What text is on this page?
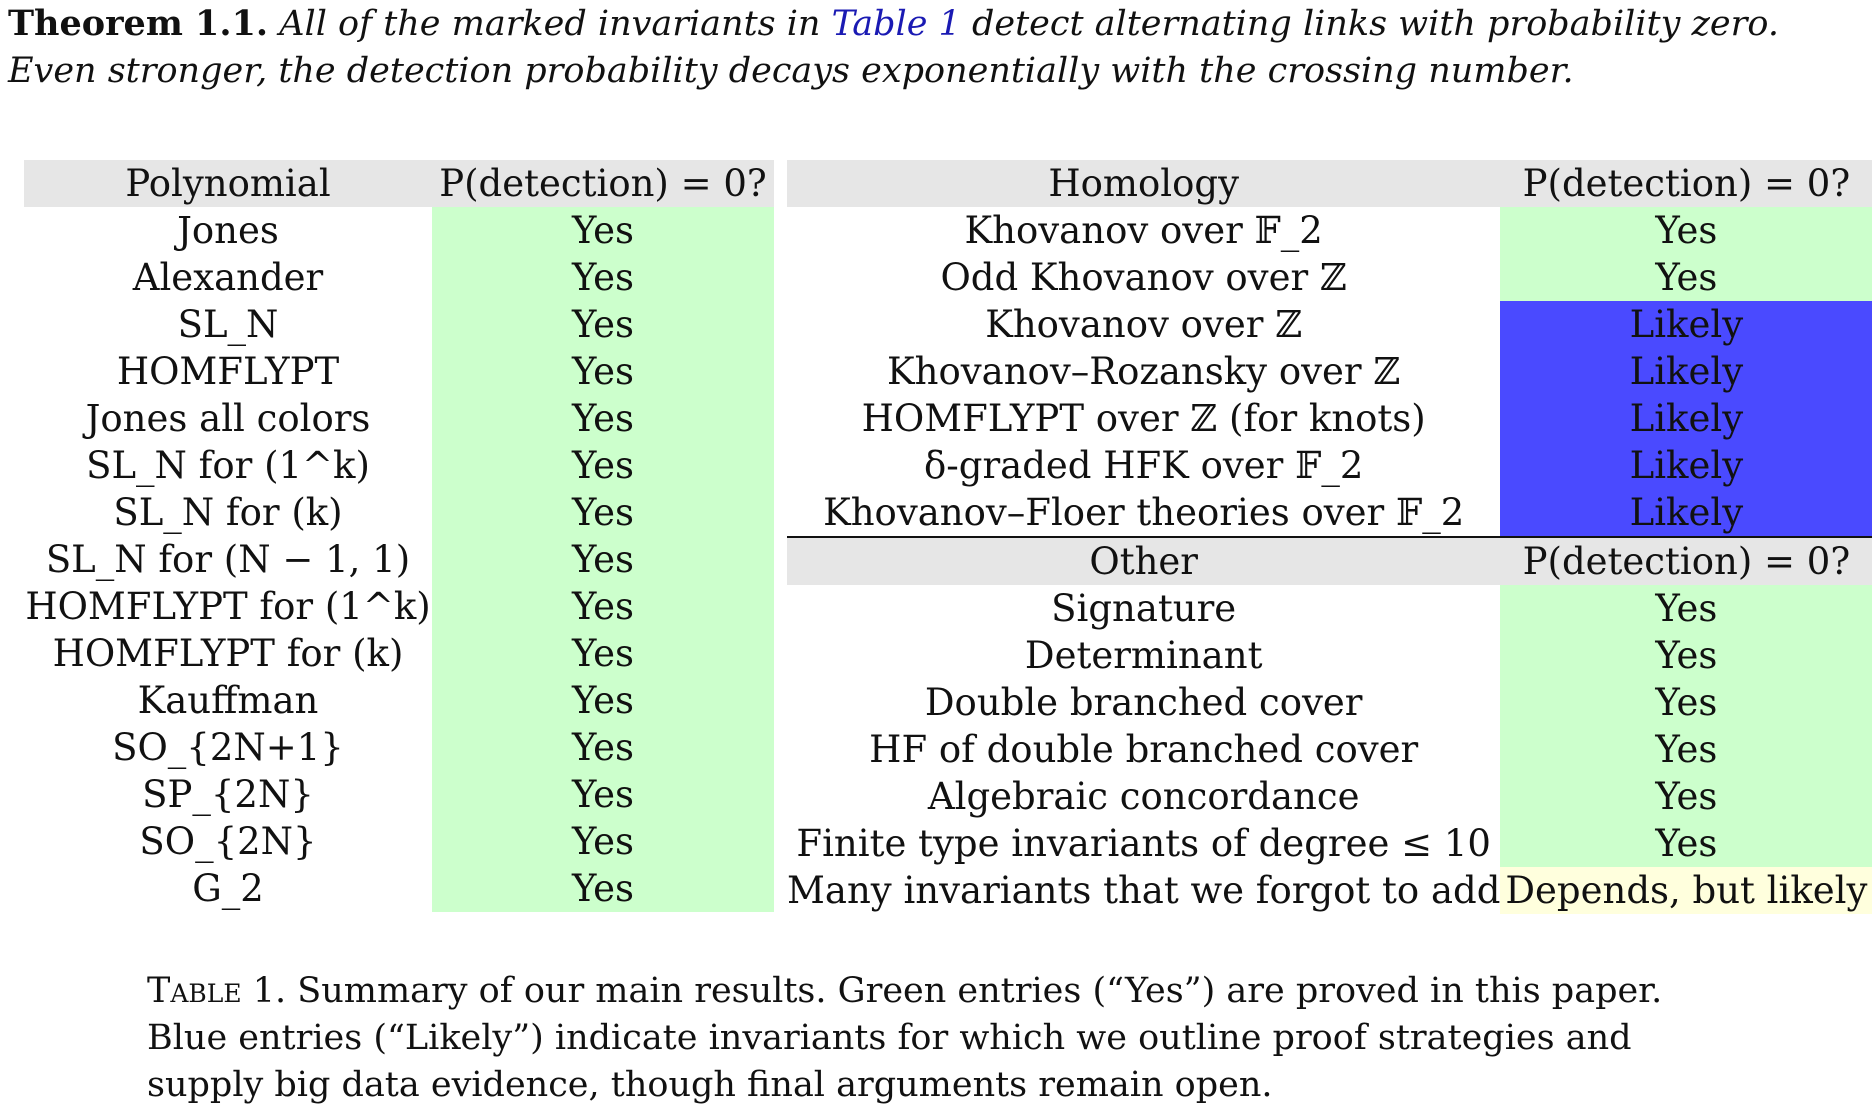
Theorem 1.1. All of the marked invariants in Table 1 detect alternating links with probability zero. Even stronger, the detection probability decays exponentially with the crossing number.
Polynomial	P(detection) = 0?
Jones	Yes
Alexander	Yes
SL_N	Yes
HOMFLYPT	Yes
Jones all colors	Yes
SL_N for (1^k)	Yes
SL_N for (k)	Yes
SL_N for (N − 1, 1)	Yes
HOMFLYPT for (1^k)	Yes
HOMFLYPT for (k)	Yes
Kauffman	Yes
SO_{2N+1}	Yes
SP_{2N}	Yes
SO_{2N}	Yes
G_2	Yes
Homology	P(detection) = 0?
Khovanov over 𝔽_2	Yes
Odd Khovanov over ℤ	Yes
Khovanov over ℤ	Likely
Khovanov–Rozansky over ℤ	Likely
HOMFLYPT over ℤ (for knots)	Likely
δ-graded HFK over 𝔽_2	Likely
Khovanov–Floer theories over 𝔽_2	Likely
Other	P(detection) = 0?
Signature	Yes
Determinant	Yes
Double branched cover	Yes
HF of double branched cover	Yes
Algebraic concordance	Yes
Finite type invariants of degree ≤ 10	Yes
Many invariants that we forgot to add	Depends, but likely
Table 1. Summary of our main results. Green entries (“Yes”) are proved in this paper. Blue entries (“Likely”) indicate invariants for which we outline proof strategies and supply big data evidence, though final arguments remain open.
